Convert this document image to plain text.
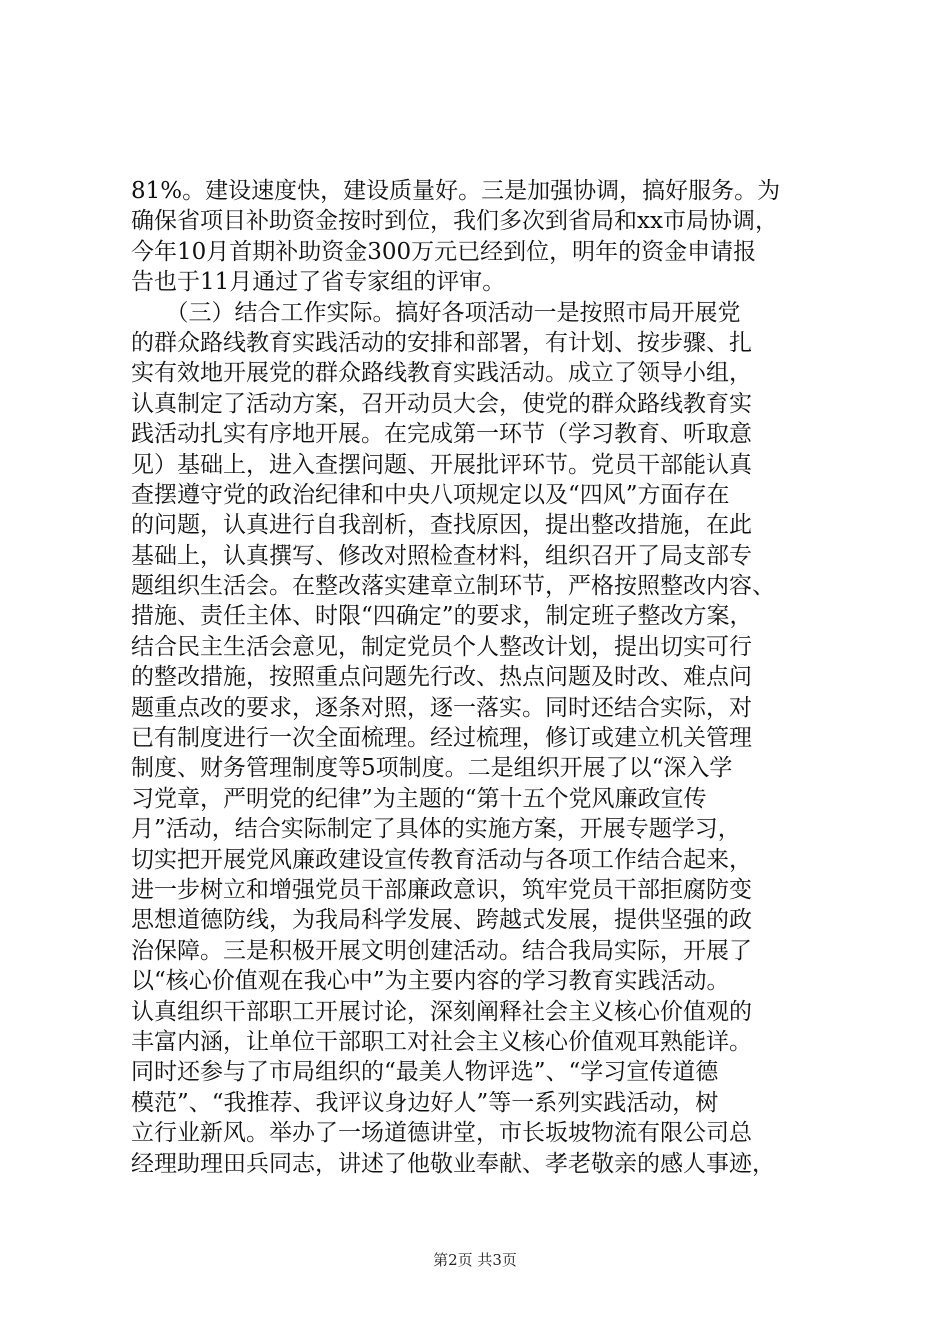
81%。建设速度快，建设质量好。三是加强协调，搞好服务。为
确保省项目补助资金按时到位，我们多次到省局和xx市局协调，
今年10月首期补助资金300万元已经到位，明年的资金申请报
告也于11月通过了省专家组的评审。
　　（三）结合工作实际。搞好各项活动一是按照市局开展党
的群众路线教育实践活动的安排和部署，有计划、按步骤、扎
实有效地开展党的群众路线教育实践活动。成立了领导小组，
认真制定了活动方案，召开动员大会，使党的群众路线教育实
践活动扎实有序地开展。在完成第一环节（学习教育、听取意
见）基础上，进入查摆问题、开展批评环节。党员干部能认真
查摆遵守党的政治纪律和中央八项规定以及“四风”方面存在
的问题，认真进行自我剖析，查找原因，提出整改措施，在此
基础上，认真撰写、修改对照检查材料，组织召开了局支部专
题组织生活会。在整改落实建章立制环节，严格按照整改内容、
措施、责任主体、时限“四确定”的要求，制定班子整改方案，
结合民主生活会意见，制定党员个人整改计划，提出切实可行
的整改措施，按照重点问题先行改、热点问题及时改、难点问
题重点改的要求，逐条对照，逐一落实。同时还结合实际，对
已有制度进行一次全面梳理。经过梳理，修订或建立机关管理
制度、财务管理制度等5项制度。二是组织开展了以“深入学
习党章，严明党的纪律”为主题的“第十五个党风廉政宣传
月”活动，结合实际制定了具体的实施方案，开展专题学习，
切实把开展党风廉政建设宣传教育活动与各项工作结合起来，
进一步树立和增强党员干部廉政意识，筑牢党员干部拒腐防变
思想道德防线，为我局科学发展、跨越式发展，提供坚强的政
治保障。三是积极开展文明创建活动。结合我局实际，开展了
以“核心价值观在我心中”为主要内容的学习教育实践活动。
认真组织干部职工开展讨论，深刻阐释社会主义核心价值观的
丰富内涵，让单位干部职工对社会主义核心价值观耳熟能详。
同时还参与了市局组织的“最美人物评选”、“学习宣传道德
模范”、“我推荐、我评议身边好人”等一系列实践活动，树
立行业新风。举办了一场道德讲堂，市长坂坡物流有限公司总
经理助理田兵同志，讲述了他敬业奉献、孝老敬亲的感人事迹，
第2页 共3页
